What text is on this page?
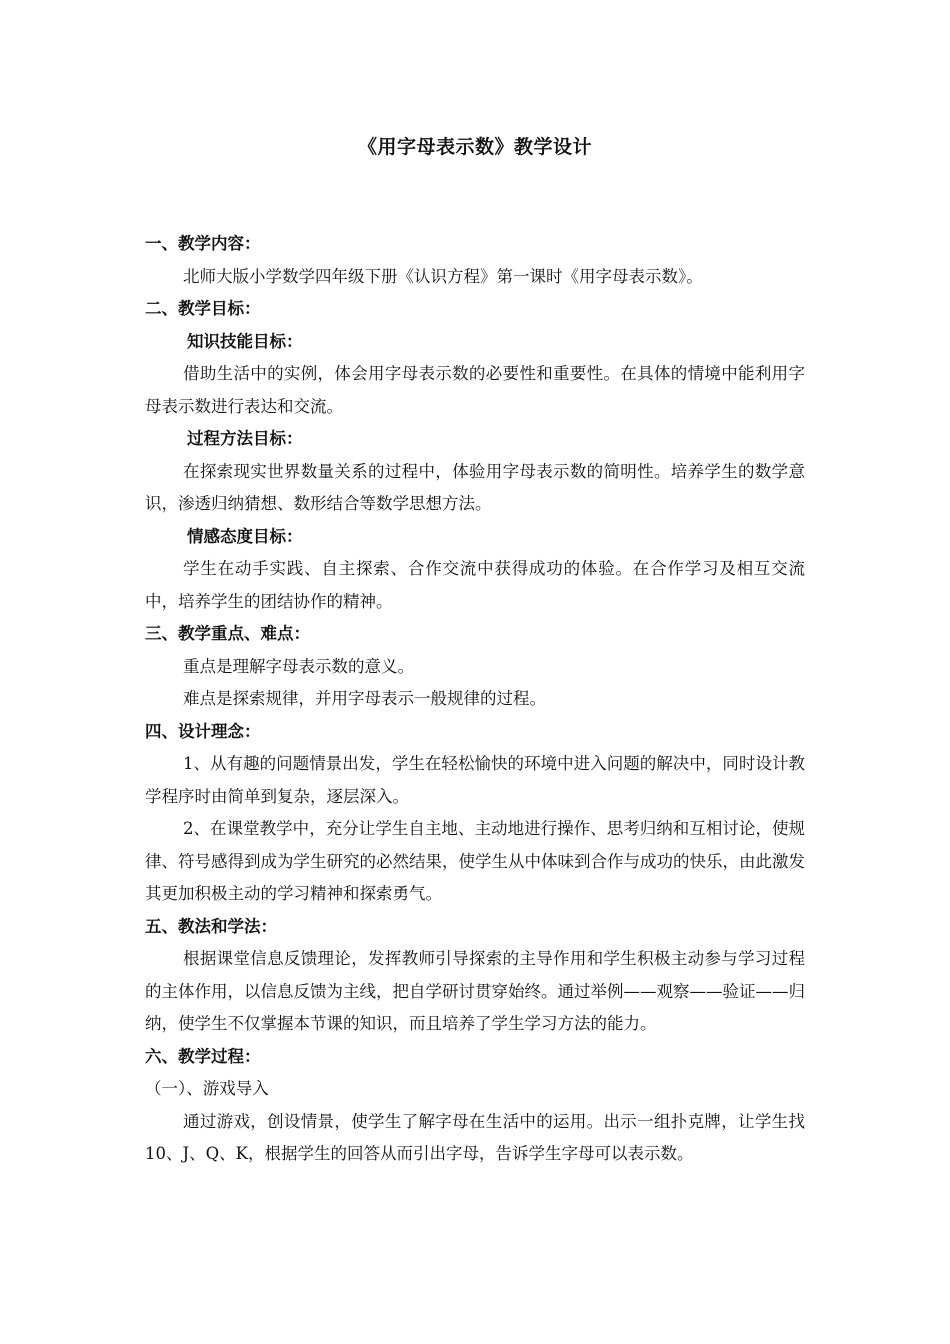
《用字母表示数》教学设计

一、教学内容：

北师大版小学数学四年级下册《认识方程》第一课时《用字母表示数》。

二、教学目标：

知识技能目标：

借助生活中的实例，体会用字母表示数的必要性和重要性。在具体的情境中能利用字母表示数进行表达和交流。

过程方法目标：

在探索现实世界数量关系的过程中，体验用字母表示数的简明性。培养学生的数学意识，渗透归纳猜想、数形结合等数学思想方法。

情感态度目标：

学生在动手实践、自主探索、合作交流中获得成功的体验。在合作学习及相互交流中，培养学生的团结协作的精神。

三、教学重点、难点：

重点是理解字母表示数的意义。

难点是探索规律，并用字母表示一般规律的过程。

四、设计理念：

1、从有趣的问题情景出发，学生在轻松愉快的环境中进入问题的解决中，同时设计教学程序时由简单到复杂，逐层深入。

2、在课堂教学中，充分让学生自主地、主动地进行操作、思考归纳和互相讨论，使规律、符号感得到成为学生研究的必然结果，使学生从中体味到合作与成功的快乐，由此激发其更加积极主动的学习精神和探索勇气。

五、教法和学法：

根据课堂信息反馈理论，发挥教师引导探索的主导作用和学生积极主动参与学习过程的主体作用，以信息反馈为主线，把自学研讨贯穿始终。通过举例——观察——验证——归纳，使学生不仅掌握本节课的知识，而且培养了学生学习方法的能力。

六、教学过程：

（一）、游戏导入

通过游戏，创设情景，使学生了解字母在生活中的运用。出示一组扑克牌，让学生找10、J、Q、K，根据学生的回答从而引出字母，告诉学生字母可以表示数。
